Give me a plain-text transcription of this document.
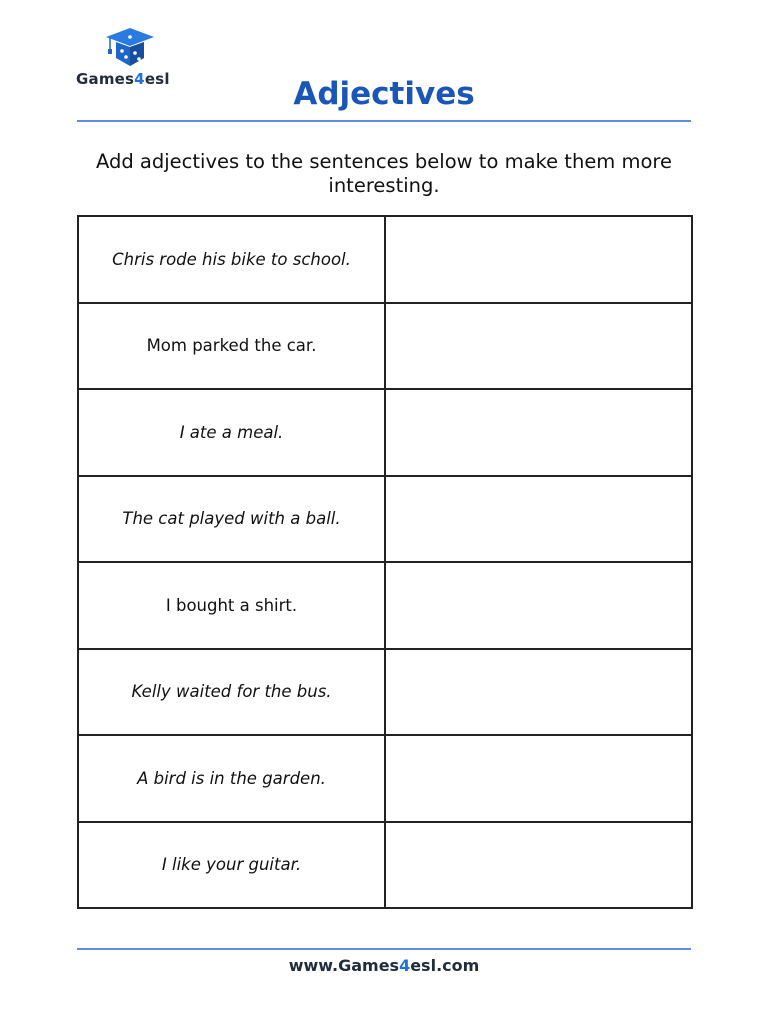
Games4esl	Adjectives
Add adjectives to the sentences below to make them more interesting.
Chris rode his bike to school.	
Mom parked the car.	
I ate a meal.	
The cat played with a ball.	
I bought a shirt.	
Kelly waited for the bus.	
A bird is in the garden.	
I like your guitar.	
www.Games4esl.com
